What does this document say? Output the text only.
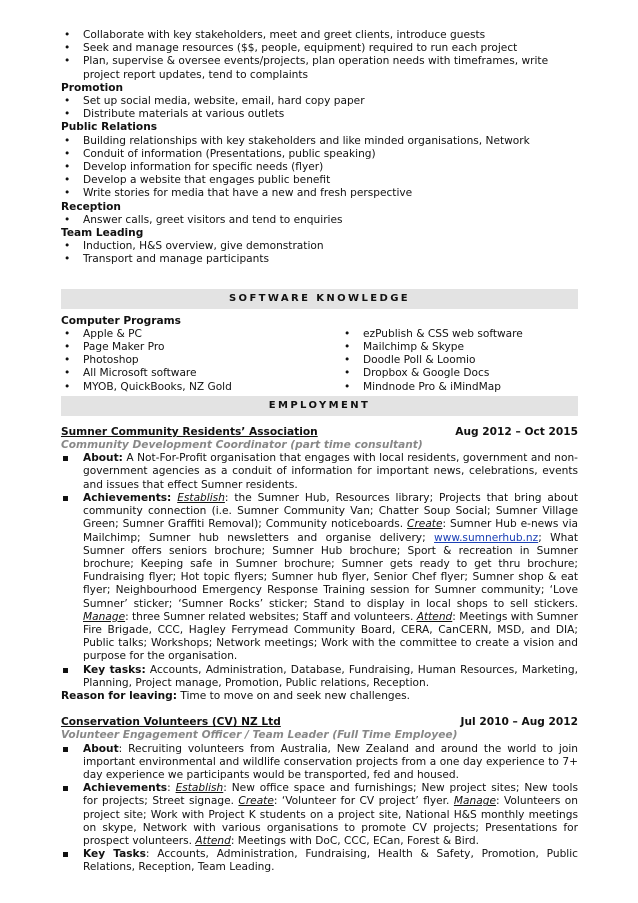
• Collaborate with key stakeholders, meet and greet clients, introduce guests
• Seek and manage resources ($$, people, equipment) required to run each project
• Plan, supervise & oversee events/projects, plan operation needs with timeframes, write project report updates, tend to complaints
Promotion
• Set up social media, website, email, hard copy paper
• Distribute materials at various outlets
Public Relations
• Building relationships with key stakeholders and like minded organisations, Network
• Conduit of information (Presentations, public speaking)
• Develop information for specific needs (flyer)
• Develop a website that engages public benefit
• Write stories for media that have a new and fresh perspective
Reception
• Answer calls, greet visitors and tend to enquiries
Team Leading
• Induction, H&S overview, give demonstration
• Transport and manage participants
SOFTWARE KNOWLEDGE
Computer Programs
• Apple & PC
• Page Maker Pro
• Photoshop
• All Microsoft software
• MYOB, QuickBooks, NZ Gold
• ezPublish & CSS web software
• Mailchimp & Skype
• Doodle Poll & Loomio
• Dropbox & Google Docs
• Mindnode Pro & iMindMap
EMPLOYMENT
Sumner Community Residents’ Association	Aug 2012 – Oct 2015
Community Development Coordinator (part time consultant)
About: A Not-For-Profit organisation that engages with local residents, government and non-government agencies as a conduit of information for important news, celebrations, events and issues that effect Sumner residents.
Achievements: Establish: the Sumner Hub, Resources library; Projects that bring about community connection (i.e. Sumner Community Van; Chatter Soup Social; Sumner Village Green; Sumner Graffiti Removal); Community noticeboards. Create: Sumner Hub e-news via Mailchimp; Sumner hub newsletters and organise delivery; www.sumnerhub.nz; What Sumner offers seniors brochure; Sumner Hub brochure; Sport & recreation in Sumner brochure; Keeping safe in Sumner brochure; Sumner gets ready to get thru brochure; Fundraising flyer; Hot topic flyers; Sumner hub flyer, Senior Chef flyer; Sumner shop & eat flyer; Neighbourhood Emergency Response Training session for Sumner community; ‘Love Sumner’ sticker; ‘Sumner Rocks’ sticker; Stand to display in local shops to sell stickers. Manage: three Sumner related websites; Staff and volunteers. Attend: Meetings with Sumner Fire Brigade, CCC, Hagley Ferrymead Community Board, CERA, CanCERN, MSD, and DIA; Public talks; Workshops; Network meetings; Work with the committee to create a vision and purpose for the organisation.
Key tasks: Accounts, Administration, Database, Fundraising, Human Resources, Marketing, Planning, Project manage, Promotion, Public relations, Reception.
Reason for leaving: Time to move on and seek new challenges.
Conservation Volunteers (CV) NZ Ltd	Jul 2010 – Aug 2012
Volunteer Engagement Officer / Team Leader (Full Time Employee)
About: Recruiting volunteers from Australia, New Zealand and around the world to join important environmental and wildlife conservation projects from a one day experience to 7+ day experience we participants would be transported, fed and housed.
Achievements: Establish: New office space and furnishings; New project sites; New tools for projects; Street signage. Create: ‘Volunteer for CV project’ flyer. Manage: Volunteers on project site; Work with Project K students on a project site, National H&S monthly meetings on skype, Network with various organisations to promote CV projects; Presentations for prospect volunteers. Attend: Meetings with DoC, CCC, ECan, Forest & Bird.
Key Tasks: Accounts, Administration, Fundraising, Health & Safety, Promotion, Public Relations, Reception, Team Leading.
